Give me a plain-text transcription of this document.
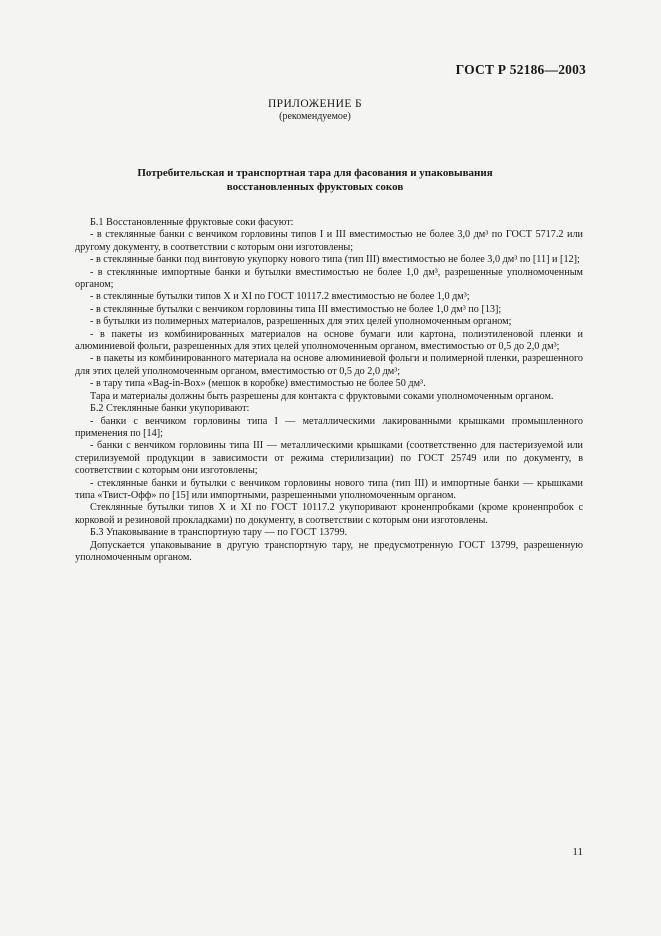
ГОСТ Р 52186—2003
ПРИЛОЖЕНИЕ Б
(рекомендуемое)
Потребительская и транспортная тара для фасования и упаковывания
восстановленных фруктовых соков

Б.1 Восстановленные фруктовые соки фасуют:

- в стеклянные банки с венчиком горловины типов I и III вместимостью не более 3,0 дм³ по ГОСТ 5717.2 или другому документу, в соответствии с которым они изготовлены;

- в стеклянные банки под винтовую укупорку нового типа (тип III) вместимостью не более 3,0 дм³ по [11] и [12];

- в стеклянные импортные банки и бутылки вместимостью не более 1,0 дм³, разрешенные уполномоченным органом;

- в стеклянные бутылки типов X и XI по ГОСТ 10117.2 вместимостью не более 1,0 дм³;

- в стеклянные бутылки с венчиком горловины типа III вместимостью не более 1,0 дм³ по [13];

- в бутылки из полимерных материалов, разрешенных для этих целей уполномоченным органом;

- в пакеты из комбинированных материалов на основе бумаги или картона, полиэтиленовой пленки и алюминиевой фольги, разрешенных для этих целей уполномоченным органом, вместимостью от 0,5 до 2,0 дм³;

- в пакеты из комбинированного материала на основе алюминиевой фольги и полимерной пленки, разрешенного для этих целей уполномоченным органом, вместимостью от 0,5 до 2,0 дм³;

- в тару типа «Bag-in-Box» (мешок в коробке) вместимостью не более 50 дм³.

Тара и материалы должны быть разрешены для контакта с фруктовыми соками уполномоченным органом.

Б.2 Стеклянные банки укупоривают:

- банки с венчиком горловины типа I — металлическими лакированными крышками промышленного применения по [14];

- банки с венчиком горловины типа III — металлическими крышками (соответственно для пастеризуемой или стерилизуемой продукции в зависимости от режима стерилизации) по ГОСТ 25749 или по документу, в соответствии с которым они изготовлены;

- стеклянные банки и бутылки с венчиком горловины нового типа (тип III) и импортные банки — крышками типа «Твист-Офф» по [15] или импортными, разрешенными уполномоченным органом.

Стеклянные бутылки типов X и XI по ГОСТ 10117.2 укупоривают кроненпробками (кроме кроненпробок с корковой и резиновой прокладками) по документу, в соответствии с которым они изготовлены.

Б.3 Упаковывание в транспортную тару — по ГОСТ 13799.

Допускается упаковывание в другую транспортную тару, не предусмотренную ГОСТ 13799, разрешенную уполномоченным органом.

11
